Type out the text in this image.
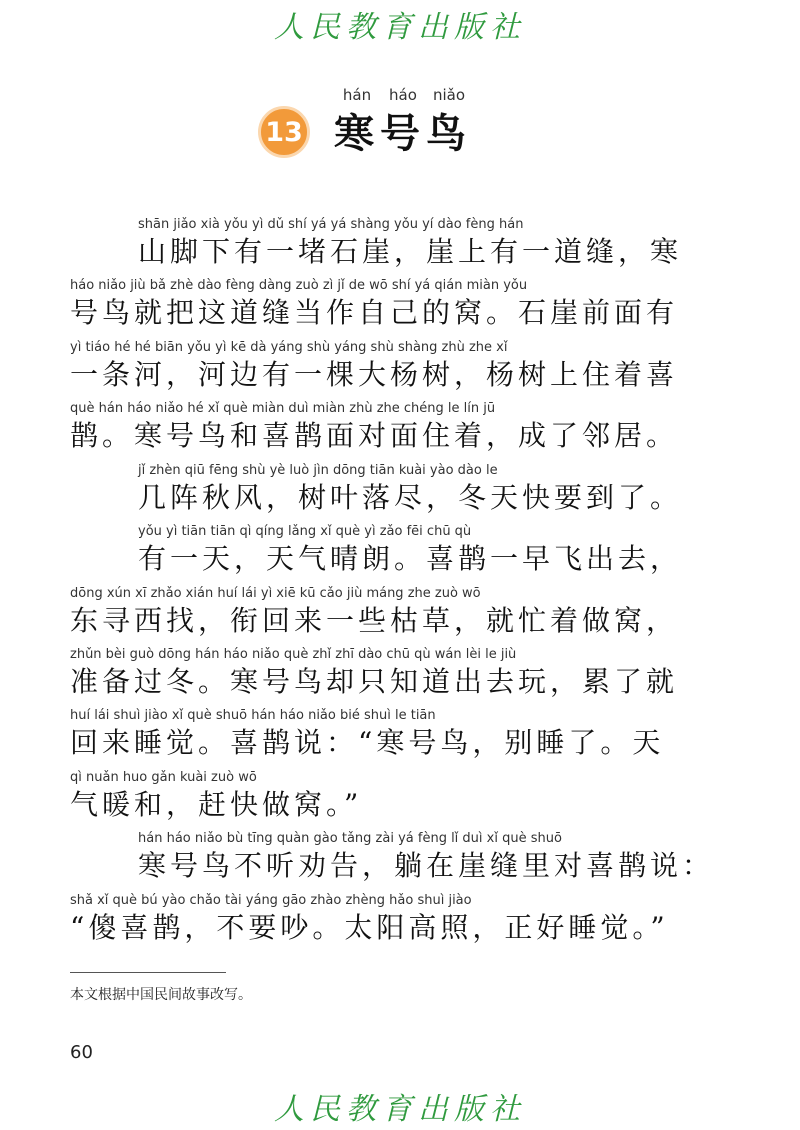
人民教育出版社
13
hán	háo	niǎo
寒号鸟
shān jiǎo xià yǒu yì dǔ shí yá yá shàng yǒu yí dào fèng hán
山脚下有一堵石崖，崖上有一道缝，寒
háo niǎo jiù bǎ zhè dào fèng dàng zuò zì jǐ de wō shí yá qián miàn yǒu
号鸟就把这道缝当作自己的窝。石崖前面有
yì tiáo hé hé biān yǒu yì kē dà yáng shù yáng shù shàng zhù zhe xǐ
一条河，河边有一棵大杨树，杨树上住着喜
què hán háo niǎo hé xǐ què miàn duì miàn zhù zhe chéng le lín jū
鹊。寒号鸟和喜鹊面对面住着，成了邻居。
jǐ zhèn qiū fēng shù yè luò jìn dōng tiān kuài yào dào le
几阵秋风，树叶落尽，冬天快要到了。
yǒu yì tiān tiān qì qíng lǎng xǐ què yì zǎo fēi chū qù
有一天，天气晴朗。喜鹊一早飞出去，
dōng xún xī zhǎo xián huí lái yì xiē kū cǎo jiù máng zhe zuò wō
东寻西找，衔回来一些枯草，就忙着做窝，
zhǔn bèi guò dōng hán háo niǎo què zhǐ zhī dào chū qù wán lèi le jiù
准备过冬。寒号鸟却只知道出去玩，累了就
huí lái shuì jiào xǐ què shuō hán háo niǎo bié shuì le tiān
回来睡觉。喜鹊说：“寒号鸟，别睡了。天
qì nuǎn huo gǎn kuài zuò wō
气暖和，赶快做窝。”
hán háo niǎo bù tīng quàn gào tǎng zài yá fèng lǐ duì xǐ què shuō
寒号鸟不听劝告，躺在崖缝里对喜鹊说：
shǎ xǐ què bú yào chǎo tài yáng gāo zhào zhèng hǎo shuì jiào
“傻喜鹊，不要吵。太阳高照，正好睡觉。”
本文根据中国民间故事改写。
60
人民教育出版社
